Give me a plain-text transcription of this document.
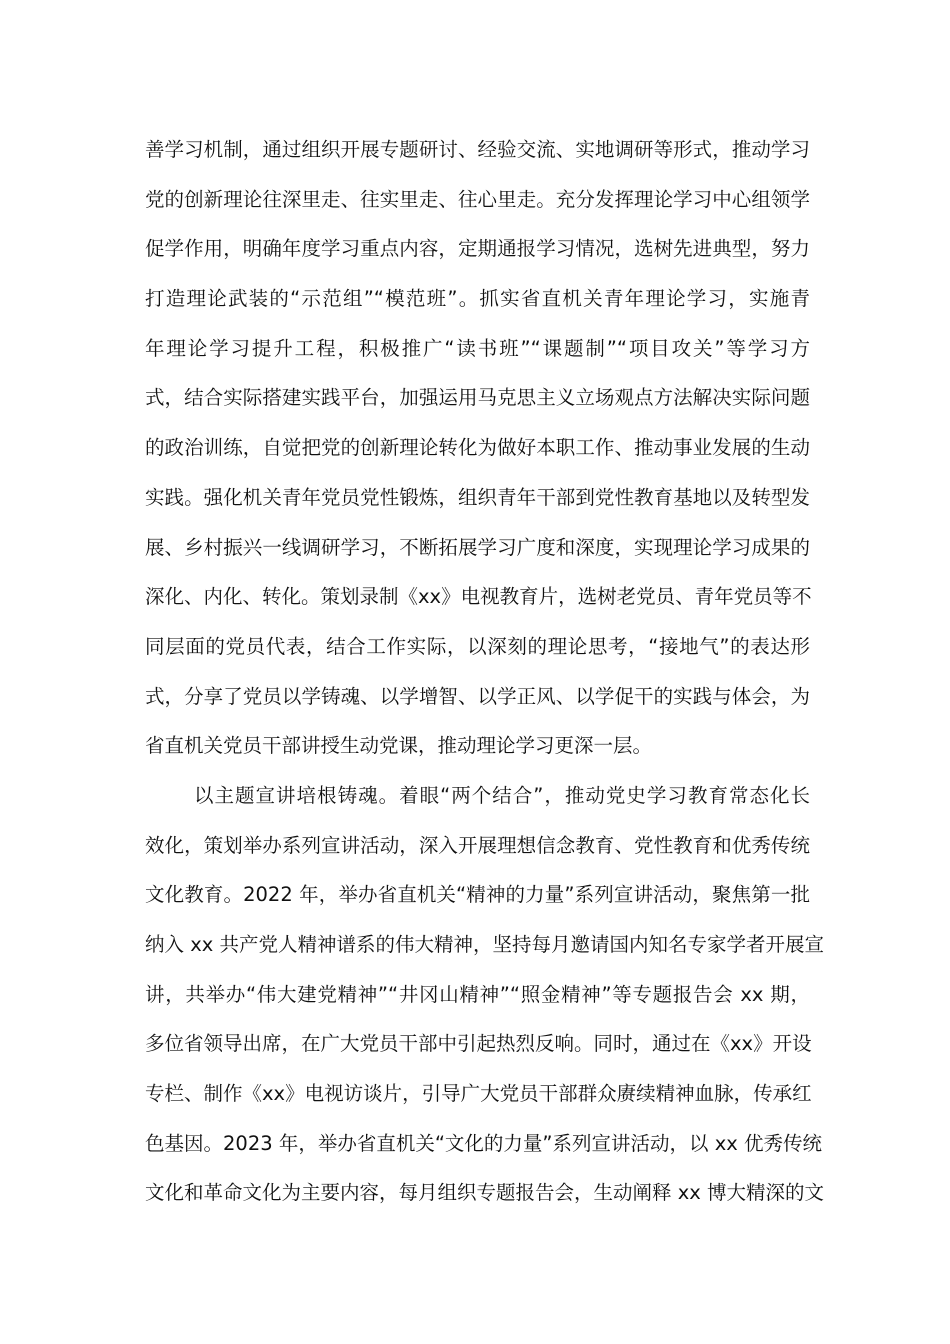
善学习机制，通过组织开展专题研讨、经验交流、实地调研等形式，推动学习
党的创新理论往深里走、往实里走、往心里走。充分发挥理论学习中心组领学
促学作用，明确年度学习重点内容，定期通报学习情况，选树先进典型，努力
打造理论武装的“示范组”“模范班”。抓实省直机关青年理论学习，实施青
年理论学习提升工程，积极推广“读书班”“课题制”“项目攻关”等学习方
式，结合实际搭建实践平台，加强运用马克思主义立场观点方法解决实际问题
的政治训练，自觉把党的创新理论转化为做好本职工作、推动事业发展的生动
实践。强化机关青年党员党性锻炼，组织青年干部到党性教育基地以及转型发
展、乡村振兴一线调研学习，不断拓展学习广度和深度，实现理论学习成果的
深化、内化、转化。策划录制《xx》电视教育片，选树老党员、青年党员等不
同层面的党员代表，结合工作实际，以深刻的理论思考，“接地气”的表达形
式，分享了党员以学铸魂、以学增智、以学正风、以学促干的实践与体会，为
省直机关党员干部讲授生动党课，推动理论学习更深一层。
以主题宣讲培根铸魂。着眼“两个结合”，推动党史学习教育常态化长
效化，策划举办系列宣讲活动，深入开展理想信念教育、党性教育和优秀传统
文化教育。2022 年，举办省直机关“精神的力量”系列宣讲活动，聚焦第一批
纳入 xx 共产党人精神谱系的伟大精神，坚持每月邀请国内知名专家学者开展宣
讲，共举办“伟大建党精神”“井冈山精神”“照金精神”等专题报告会 xx 期，
多位省领导出席，在广大党员干部中引起热烈反响。同时，通过在《xx》开设
专栏、制作《xx》电视访谈片，引导广大党员干部群众赓续精神血脉，传承红
色基因。2023 年，举办省直机关“文化的力量”系列宣讲活动，以 xx 优秀传统
文化和革命文化为主要内容，每月组织专题报告会，生动阐释 xx 博大精深的文
